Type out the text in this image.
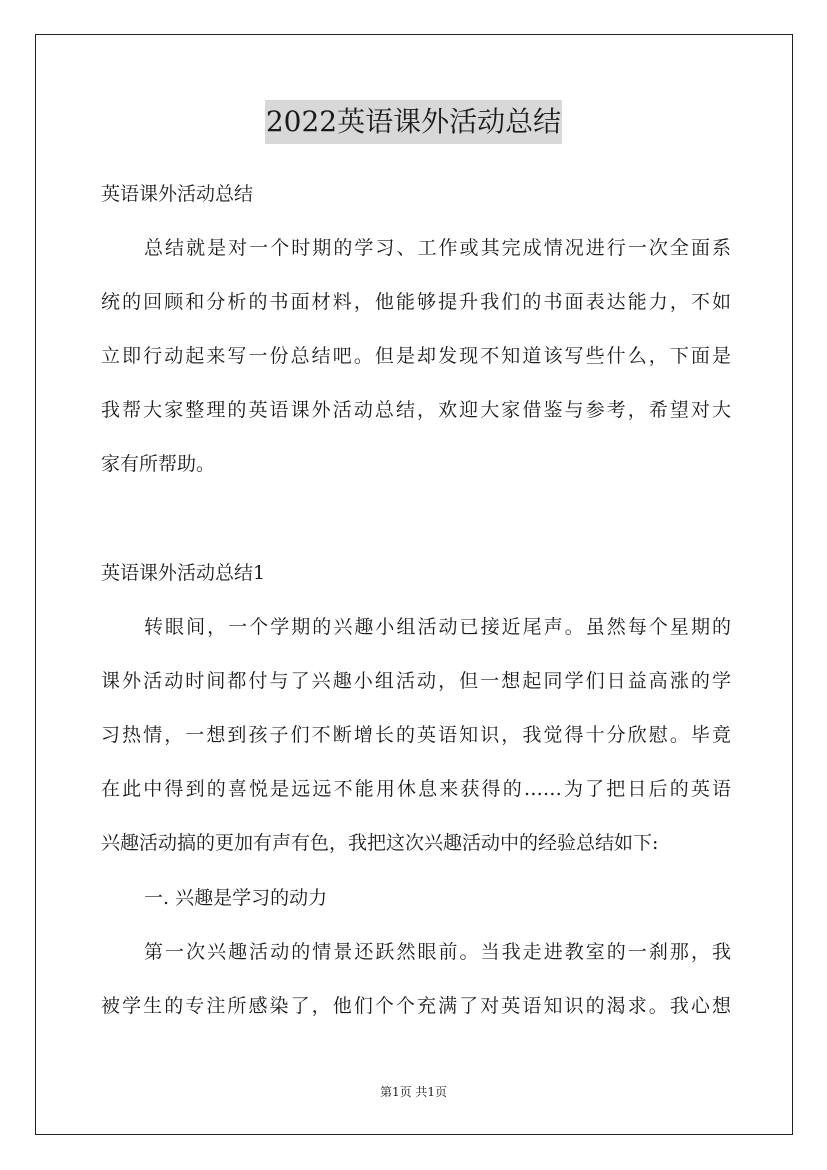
2022英语课外活动总结
英语课外活动总结
总结就是对一个时期的学习、工作或其完成情况进行一次全面系
统的回顾和分析的书面材料，他能够提升我们的书面表达能力，不如
立即行动起来写一份总结吧。但是却发现不知道该写些什么，下面是
我帮大家整理的英语课外活动总结，欢迎大家借鉴与参考，希望对大
家有所帮助。
英语课外活动总结1
转眼间，一个学期的兴趣小组活动已接近尾声。虽然每个星期的
课外活动时间都付与了兴趣小组活动，但一想起同学们日益高涨的学
习热情，一想到孩子们不断增长的英语知识，我觉得十分欣慰。毕竟
在此中得到的喜悦是远远不能用休息来获得的……为了把日后的英语
兴趣活动搞的更加有声有色，我把这次兴趣活动中的经验总结如下:
一. 兴趣是学习的动力
第一次兴趣活动的情景还跃然眼前。当我走进教室的一刹那，我
被学生的专注所感染了，他们个个充满了对英语知识的渴求。我心想
第1页 共1页
